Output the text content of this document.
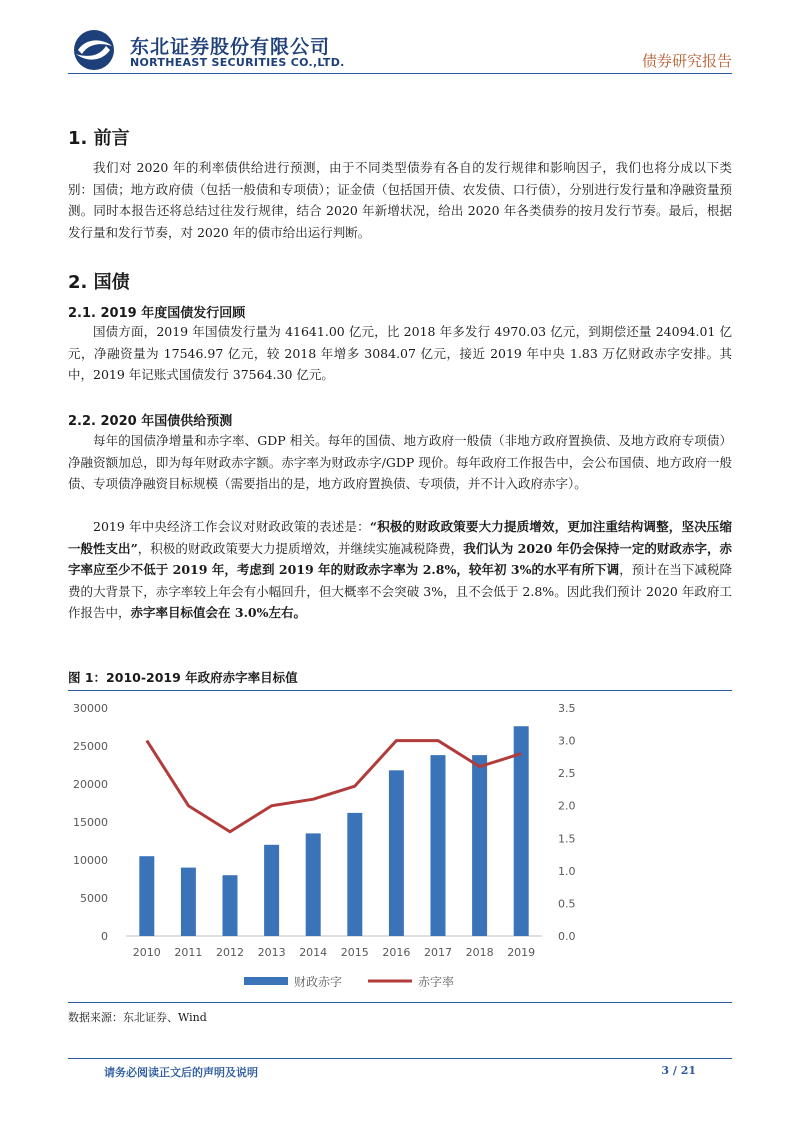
东北证券股份有限公司
NORTHEAST SECURITIES CO.,LTD.	债券研究报告
1. 前言

我们对 2020 年的利率债供给进行预测，由于不同类型债券有各自的发行规律和影响因子，我们也将分成以下类别：国债；地方政府债（包括一般债和专项债）；证金债（包括国开债、农发债、口行债），分别进行发行量和净融资量预测。同时本报告还将总结过往发行规律，结合 2020 年新增状况，给出 2020 年各类债券的按月发行节奏。最后，根据发行量和发行节奏，对 2020 年的债市给出运行判断。

2. 国债
2.1. 2019 年度国债发行回顾

国债方面，2019 年国债发行量为 41641.00 亿元，比 2018 年多发行 4970.03 亿元，到期偿还量 24094.01 亿元，净融资量为 17546.97 亿元，较 2018 年增多 3084.07 亿元，接近 2019 年中央 1.83 万亿财政赤字安排。其中，2019 年记账式国债发行 37564.30 亿元。

2.2. 2020 年国债供给预测

每年的国债净增量和赤字率、GDP 相关。每年的国债、地方政府一般债（非地方政府置换债、及地方政府专项债）净融资额加总，即为每年财政赤字额。赤字率为财政赤字/GDP 现价。每年政府工作报告中，会公布国债、地方政府一般债、专项债净融资目标规模（需要指出的是，地方政府置换债、专项债，并不计入政府赤字）。

2019 年中央经济工作会议对财政政策的表述是：“积极的财政政策要大力提质增效，更加注重结构调整，坚决压缩一般性支出”，积极的财政政策要大力提质增效，并继续实施减税降费，我们认为 2020 年仍会保持一定的财政赤字，赤字率应至少不低于 2019 年，考虑到 2019 年的财政赤字率为 2.8%，较年初 3%的水平有所下调，预计在当下减税降费的大背景下，赤字率较上年会有小幅回升，但大概率不会突破 3%，且不会低于 2.8%。因此我们预计 2020 年政府工作报告中，赤字率目标值会在 3.0%左右。

图 1：2010-2019 年政府赤字率目标值
0
5000
10000
15000
20000
25000
30000
0.0
0.5
1.0
1.5
2.0
2.5
3.0
3.5
2010 2011 2012 2013 2014 2015 2016 2017 2018 2019
财政赤字	赤字率
数据来源：东北证券、Wind
请务必阅读正文后的声明及说明	3 / 21
